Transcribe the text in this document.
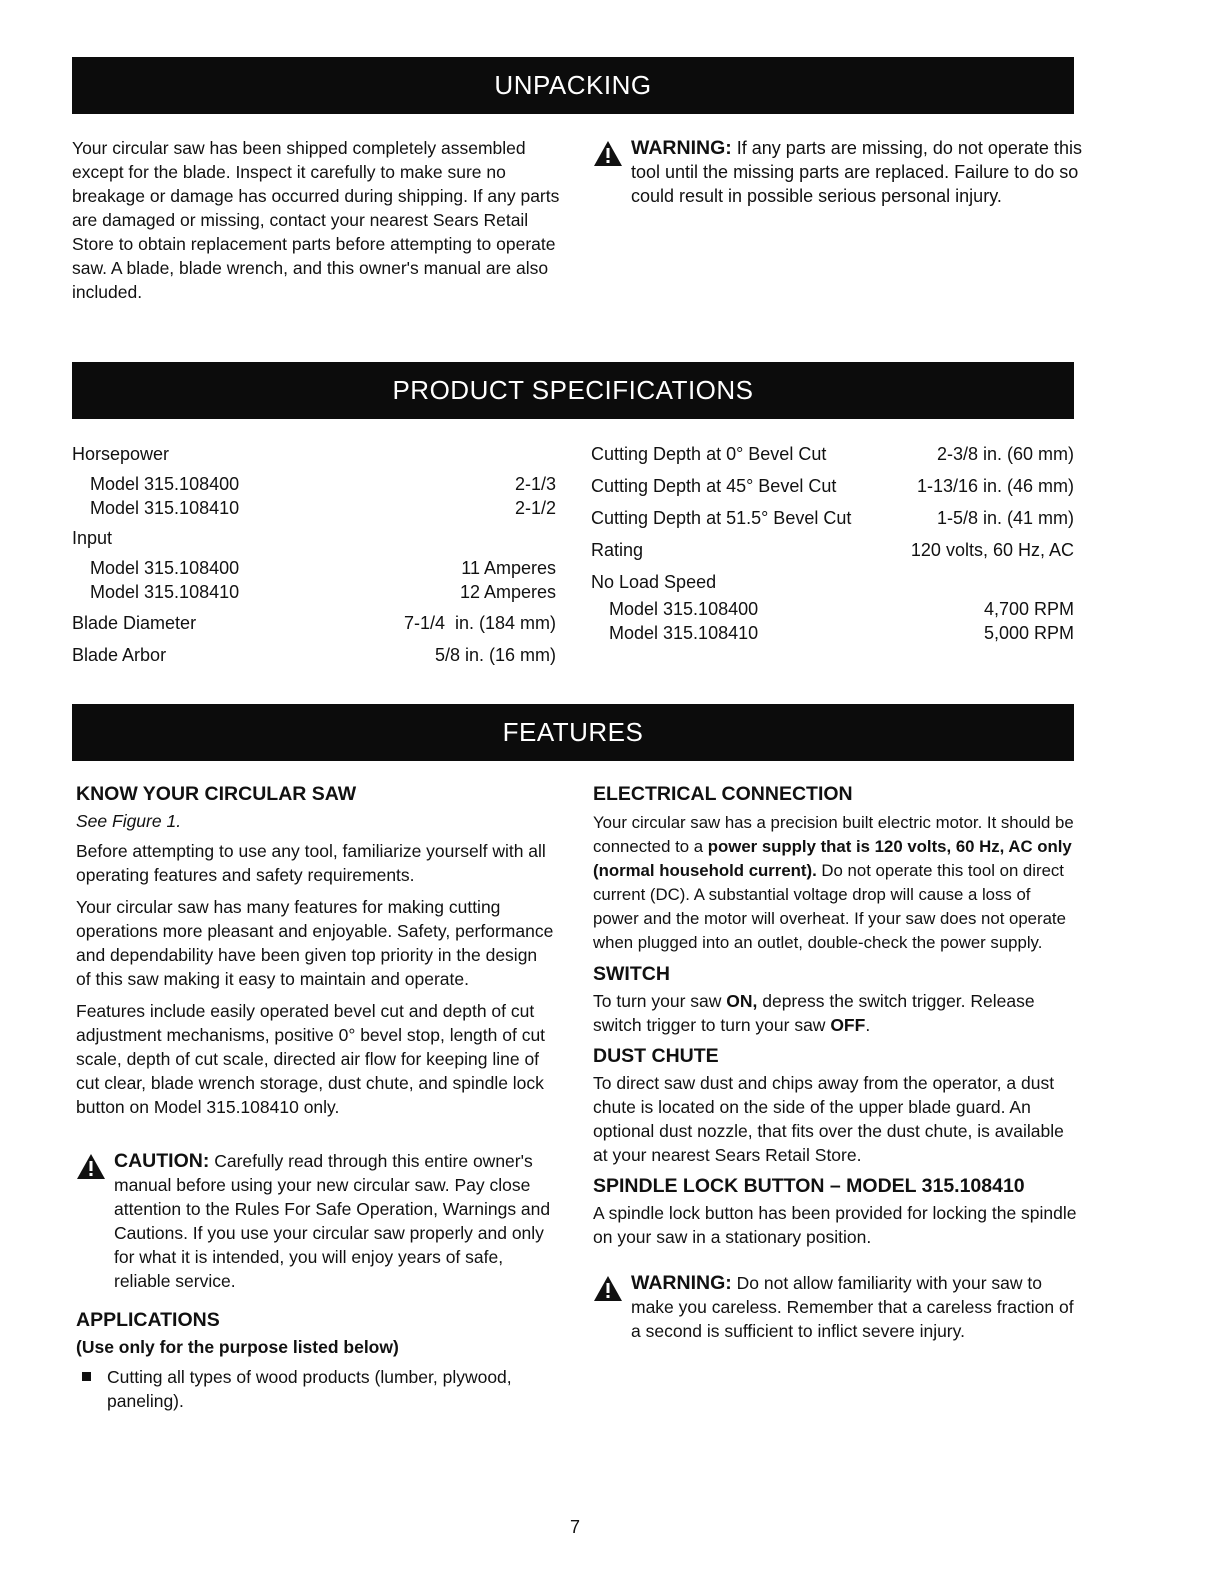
UNPACKING

Your circular saw has been shipped completely assembled except for the blade. Inspect it carefully to make sure no breakage or damage has occurred during shipping. If any parts are damaged or missing, contact your nearest Sears Retail Store to obtain replacement parts before attempting to operate saw. A blade, blade wrench, and this owner's manual are also included.

WARNING: If any parts are missing, do not operate this tool until the missing parts are replaced. Failure to do so could result in possible serious personal injury.
PRODUCT SPECIFICATIONS
Horsepower
Model 315.108400	2-1/3
Model 315.108410	2-1/2
Input
Model 315.108400	11 Amperes
Model 315.108410	12 Amperes
Blade Diameter	7-1/4  in. (184 mm)
Blade Arbor	5/8 in. (16 mm)
Cutting Depth at 0° Bevel Cut	2-3/8 in. (60 mm)
Cutting Depth at 45° Bevel Cut	1-13/16 in. (46 mm)
Cutting Depth at 51.5° Bevel Cut	1-5/8 in. (41 mm)
Rating	120 volts, 60 Hz, AC
No Load Speed
Model 315.108400	4,700 RPM
Model 315.108410	5,000 RPM
FEATURES
KNOW YOUR CIRCULAR SAW
See Figure 1.

Before attempting to use any tool, familiarize yourself with all operating features and safety requirements.

Your circular saw has many features for making cutting operations more pleasant and enjoyable. Safety, performance and dependability have been given top priority in the design of this saw making it easy to maintain and operate.

Features include easily operated bevel cut and depth of cut adjustment mechanisms, positive 0° bevel stop, length of cut scale, depth of cut scale, directed air flow for keeping line of cut clear, blade wrench storage, dust chute, and spindle lock button on Model 315.108410 only.

CAUTION: Carefully read through this entire owner's manual before using your new circular saw. Pay close attention to the Rules For Safe Operation, Warnings and Cautions. If you use your circular saw properly and only for what it is intended, you will enjoy years of safe, reliable service.
APPLICATIONS
(Use only for the purpose listed below)
Cutting all types of wood products (lumber, plywood, paneling).
ELECTRICAL CONNECTION

Your circular saw has a precision built electric motor. It should be connected to a power supply that is 120 volts, 60 Hz, AC only (normal household current). Do not operate this tool on direct current (DC). A substantial voltage drop will cause a loss of power and the motor will overheat. If your saw does not operate when plugged into an outlet, double-check the power supply.

SWITCH

To turn your saw ON, depress the switch trigger. Release switch trigger to turn your saw OFF.

DUST CHUTE

To direct saw dust and chips away from the operator, a dust chute is located on the side of the upper blade guard. An optional dust nozzle, that fits over the dust chute, is available at your nearest Sears Retail Store.

SPINDLE LOCK BUTTON – MODEL 315.108410

A spindle lock button has been provided for locking the spindle on your saw in a stationary position.

WARNING: Do not allow familiarity with your saw to make you careless. Remember that a careless fraction of a second is sufficient to inflict severe injury.
7
